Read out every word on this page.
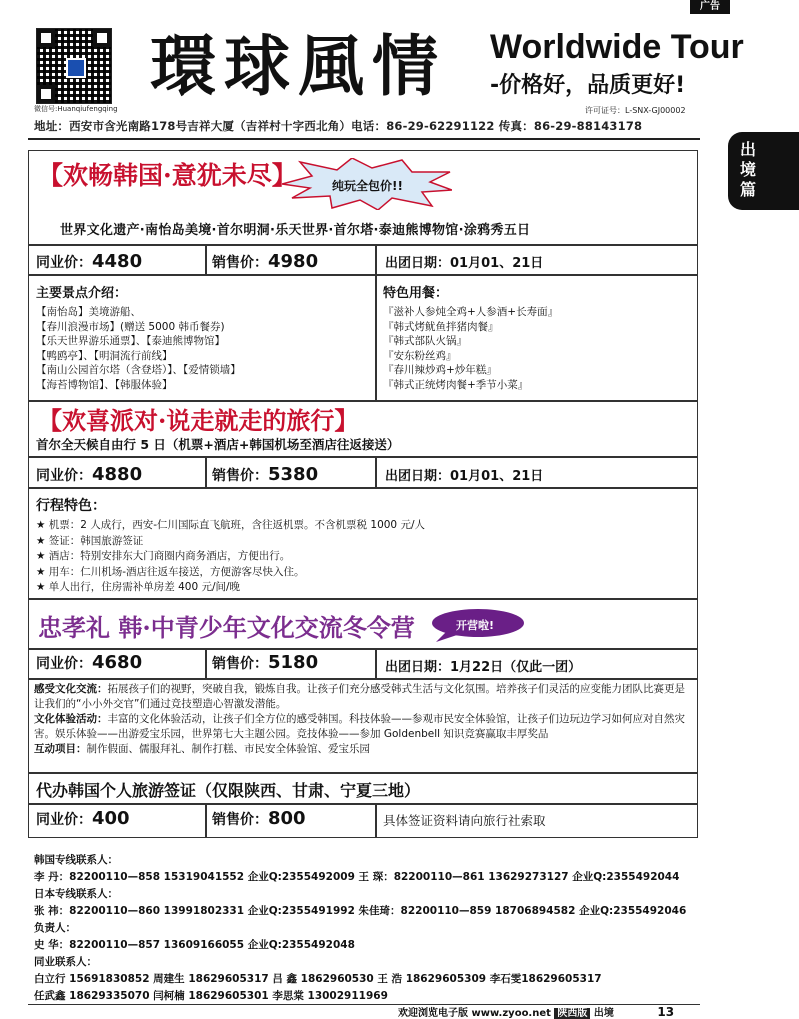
广告
微信号:Huanqiufengqing
環球風情 Worldwide Tour
-价格好，品质更好!
许可证号：L-SNX-GJ00002
地址：西安市含光南路178号吉祥大厦（吉祥村十字西北角）电话：86-29-62291122 传真：86-29-88143178
出境篇
【欢畅韩国·意犹未尽】	纯玩全包价!!
世界文化遗产·南怡岛美境·首尔明洞·乐天世界·首尔塔·泰迪熊博物馆·涂鸦秀五日
同业价：4480	销售价：4980	出团日期：01月01、21日
主要景点介绍：
【南怡岛】美境游船、
【春川浪漫市场】(赠送 5000 韩币餐券)
【乐天世界游乐通票】、【泰迪熊博物馆】
【鸭鸥亭】、【明洞流行前线】
【南山公园首尔塔（含登塔）】、【爱情锁墙】
【海苔博物馆】、【韩服体验】
特色用餐：
『滋补人参炖全鸡+人参酒+长寿面』
『韩式烤鱿鱼拌猪肉餐』
『韩式部队火锅』
『安东粉丝鸡』
『春川辣炒鸡+炒年糕』
『韩式正统烤肉餐+季节小菜』
【欢喜派对·说走就走的旅行】
首尔全天候自由行 5 日（机票+酒店+韩国机场至酒店往返接送）
同业价：4880	销售价：5380	出团日期：01月01、21日
行程特色：
★ 机票：2 人成行，西安-仁川国际直飞航班，含往返机票。不含机票税 1000 元/人
★ 签证：韩国旅游签证
★ 酒店：特别安排东大门商圈内商务酒店，方便出行。
★ 用车：仁川机场-酒店往返车接送，方便游客尽快入住。
★ 单人出行，住房需补单房差 400 元/间/晚
忠孝礼 韩·中青少年文化交流冬令营	开营啦!
同业价：4680	销售价：5180	出团日期：1月22日（仅此一团）
感受文化交流：拓展孩子们的视野，突破自我，锻炼自我。让孩子们充分感受韩式生活与文化氛围。培养孩子们灵活的应变能力团队比赛更是让我们的“小小外交官”们通过竞技塑造心智激发潜能。
文化体验活动：丰富的文化体验活动，让孩子们全方位的感受韩国。科技体验——参观市民安全体验馆，让孩子们边玩边学习如何应对自然灾害。娱乐体验——出游爱宝乐园，世界第七大主题公园。竞技体验——参加 Goldenbell 知识竞赛赢取丰厚奖品
互动项目：制作假面、儒服拜礼、制作打糕、市民安全体验馆、爱宝乐园
代办韩国个人旅游签证（仅限陕西、甘肃、宁夏三地）
同业价：400	销售价：800	具体签证资料请向旅行社索取
韩国专线联系人：
李 丹：82200110—858 15319041552 企业Q:2355492009 王 琛：82200110—861 13629273127 企业Q:2355492044
日本专线联系人：
张 祎：82200110—860 13991802331 企业Q:2355491992 朱佳琦：82200110—859 18706894582 企业Q:2355492046
负责人：
史 华：82200110—857 13609166055 企业Q:2355492048
同业联系人：
白立行 15691830852 周建生 18629605317 吕 鑫 1862960530 王 浩 18629605309 李石雯18629605317
任武鑫 18629335070 闫柯楠 18629605301 李思棠 13002911969
欢迎浏览电子版 www.zyoo.net 陕西版 出境	13
